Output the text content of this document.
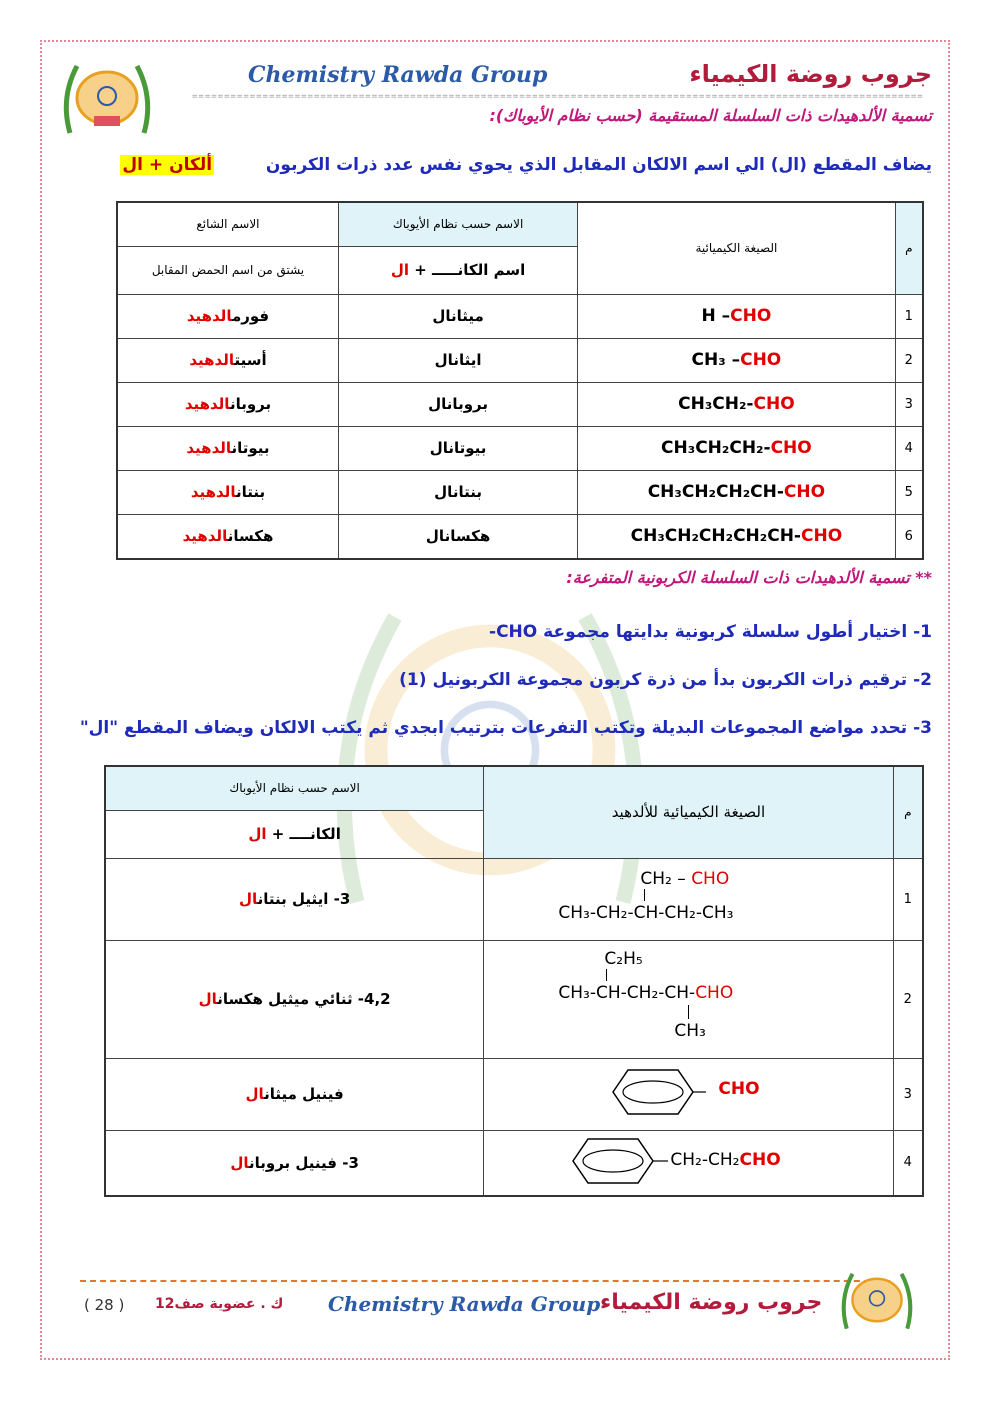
Chemistry Rawda Group	جروب روضة الكيمياء
==================================================================================================================
تسمية الألدهيدات ذات السلسلة المستقيمة (حسب نظام الأيوباك):
يضاف المقطع (ال) الي اسم الالكان المقابل الذي يحوي نفس عدد ذرات الكربون  ألكان + ال
م	الصيغة الكيميائية	الاسم حسب نظام الأيوباك	الاسم الشائع
		اسم الكانـــــ + ال	يشتق من اسم الحمض المقابل
1	H –CHO	ميثانال	فورمالدهيد
2	CH₃ –CHO	ايثانال	أسيتالدهيد
3	CH₃CH₂-CHO	بروبانال	بروبانالدهيد
4	CH₃CH₂CH₂-CHO	بيوتانال	بيوتانالدهيد
5	CH₃CH₂CH₂CH-CHO	بنتانال	بنتانالدهيد
6	CH₃CH₂CH₂CH₂CH-CHO	هكسانال	هكسانالدهيد
** تسمية الألدهيدات ذات السلسلة الكربونية المتفرعة:
1- اختيار أطول سلسلة كربونية بدايتها مجموعة CHO-
2- ترقيم ذرات الكربون بدأ من ذرة كربون مجموعة الكربونيل (1)
3- تحدد مواضع المجموعات البديلة وتكتب التفرعات بترتيب ابجدي ثم يكتب الالكان ويضاف المقطع "ال"
م	الصيغة الكيميائية للألدهيد	الاسم حسب نظام الأيوباك
		الكانــــ + ال
1	CH₂ – CHO
CH₃-CH₂-CH-CH₂-CH₃	3- ايثيل بنتانال
2	C₂H₅
CH₃-CH-CH₂-CH-CHO
CH₃	4,2- ثنائي ميثيل هكسانال
3	CHO	فينيل ميثانال
4	CH₂-CH₂CHO	3- فينيل بروبانال
( 28 ) ك . عضوية صف12 Chemistry Rawda Group جروب روضة الكيمياء
